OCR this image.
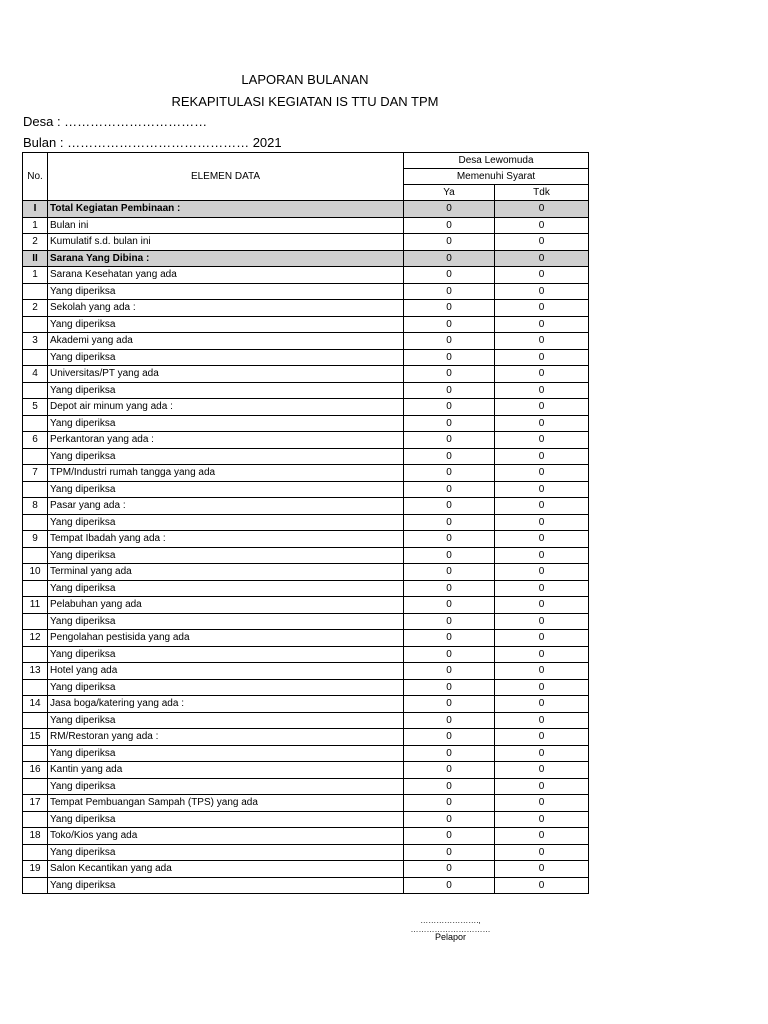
LAPORAN BULANAN
REKAPITULASI KEGIATAN IS TTU DAN TPM
Desa : ……………………………
Bulan : …………………………………… 2021
No.	ELEMEN DATA	Desa Lewomuda	
		Memenuhi Syarat	
		Ya	Tdk
I	Total Kegiatan Pembinaan :	0	0
1	Bulan ini	0	0
2	Kumulatif s.d. bulan ini	0	0
II	Sarana Yang Dibina :	0	0
1	Sarana Kesehatan yang ada	0	0
	Yang diperiksa	0	0
2	Sekolah yang ada :	0	0
	Yang diperiksa	0	0
3	Akademi yang ada	0	0
	Yang diperiksa	0	0
4	Universitas/PT yang ada	0	0
	Yang diperiksa	0	0
5	Depot air minum yang ada :	0	0
	Yang diperiksa	0	0
6	Perkantoran yang ada :	0	0
	Yang diperiksa	0	0
7	TPM/Industri rumah tangga yang ada	0	0
	Yang diperiksa	0	0
8	Pasar yang ada :	0	0
	Yang diperiksa	0	0
9	Tempat Ibadah yang ada :	0	0
	Yang diperiksa	0	0
10	Terminal yang ada	0	0
	Yang diperiksa	0	0
11	Pelabuhan yang ada	0	0
	Yang diperiksa	0	0
12	Pengolahan pestisida yang ada	0	0
	Yang diperiksa	0	0
13	Hotel yang ada	0	0
	Yang diperiksa	0	0
14	Jasa boga/katering yang ada :	0	0
	Yang diperiksa	0	0
15	RM/Restoran yang ada :	0	0
	Yang diperiksa	0	0
16	Kantin yang ada	0	0
	Yang diperiksa	0	0
17	Tempat Pembuangan Sampah (TPS) yang ada	0	0
	Yang diperiksa	0	0
18	Toko/Kios yang ada	0	0
	Yang diperiksa	0	0
19	Salon Kecantikan yang ada	0	0
	Yang diperiksa	0	0
…………………., …………………………
Pelapor
